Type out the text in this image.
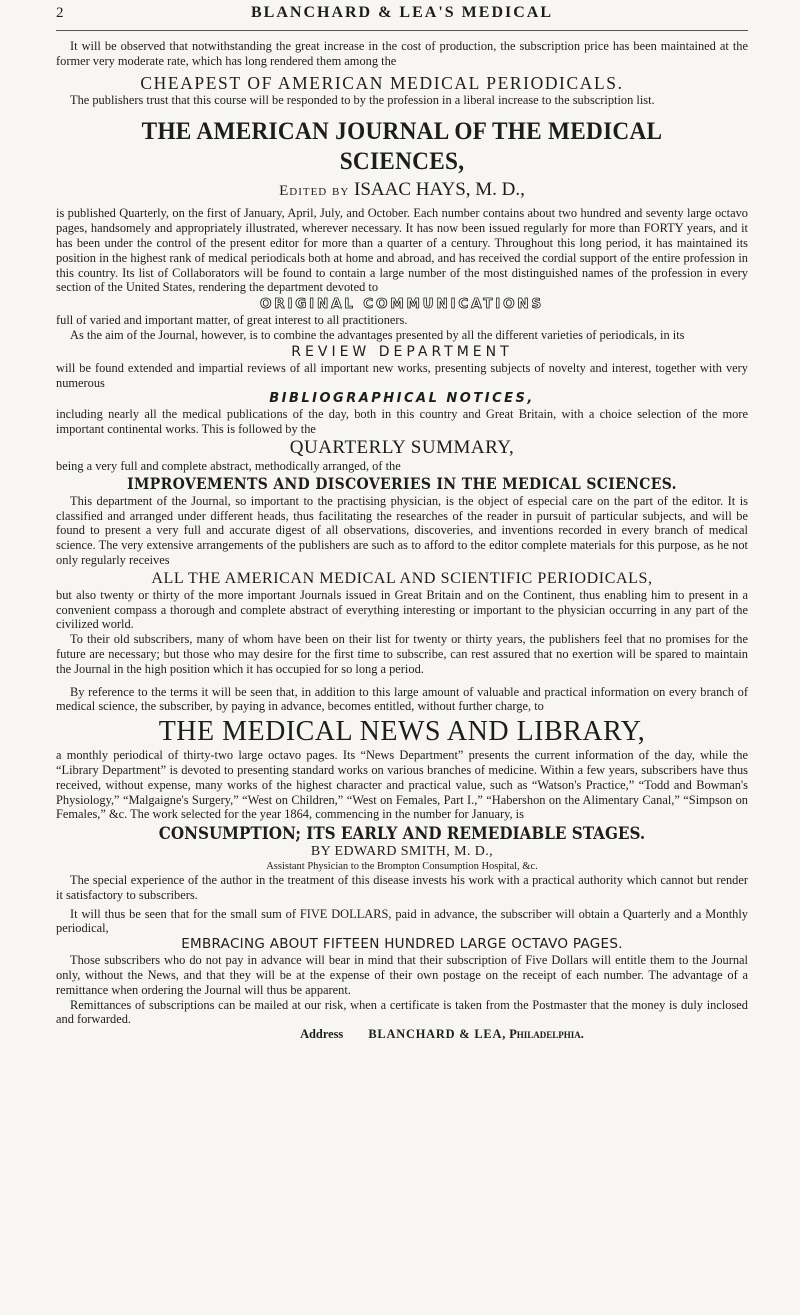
2	BLANCHARD & LEA'S MEDICAL

It will be observed that notwithstanding the great increase in the cost of production, the subscription price has been maintained at the former very moderate rate, which has long rendered them among the

CHEAPEST OF AMERICAN MEDICAL PERIODICALS.

The publishers trust that this course will be responded to by the profession in a liberal increase to the subscription list.

THE AMERICAN JOURNAL OF THE MEDICAL SCIENCES,
Edited by ISAAC HAYS, M. D.,

is published Quarterly, on the first of January, April, July, and October. Each number contains about two hundred and seventy large octavo pages, handsomely and appropriately illustrated, wherever necessary. It has now been issued regularly for more than FORTY years, and it has been under the control of the present editor for more than a quarter of a century. Throughout this long period, it has maintained its position in the highest rank of medical periodicals both at home and abroad, and has received the cordial support of the entire profession in this country. Its list of Collaborators will be found to contain a large number of the most distinguished names of the profession in every section of the United States, rendering the department devoted to

ORIGINAL COMMUNICATIONS

full of varied and important matter, of great interest to all practitioners.

As the aim of the Journal, however, is to combine the advantages presented by all the different varieties of periodicals, in its

REVIEW DEPARTMENT

will be found extended and impartial reviews of all important new works, presenting subjects of novelty and interest, together with very numerous

BIBLIOGRAPHICAL NOTICES,

including nearly all the medical publications of the day, both in this country and Great Britain, with a choice selection of the more important continental works. This is followed by the

QUARTERLY SUMMARY,

being a very full and complete abstract, methodically arranged, of the

IMPROVEMENTS AND DISCOVERIES IN THE MEDICAL SCIENCES.

This department of the Journal, so important to the practising physician, is the object of especial care on the part of the editor. It is classified and arranged under different heads, thus facilitating the researches of the reader in pursuit of particular subjects, and will be found to present a very full and accurate digest of all observations, discoveries, and inventions recorded in every branch of medical science. The very extensive arrangements of the publishers are such as to afford to the editor complete materials for this purpose, as he not only regularly receives

ALL THE AMERICAN MEDICAL AND SCIENTIFIC PERIODICALS,

but also twenty or thirty of the more important Journals issued in Great Britain and on the Continent, thus enabling him to present in a convenient compass a thorough and complete abstract of everything interesting or important to the physician occurring in any part of the civilized world.

To their old subscribers, many of whom have been on their list for twenty or thirty years, the publishers feel that no promises for the future are necessary; but those who may desire for the first time to subscribe, can rest assured that no exertion will be spared to maintain the Journal in the high position which it has occupied for so long a period.

By reference to the terms it will be seen that, in addition to this large amount of valuable and practical information on every branch of medical science, the subscriber, by paying in advance, becomes entitled, without further charge, to

THE MEDICAL NEWS AND LIBRARY,

a monthly periodical of thirty-two large octavo pages. Its “News Department” presents the current information of the day, while the “Library Department” is devoted to presenting standard works on various branches of medicine. Within a few years, subscribers have thus received, without expense, many works of the highest character and practical value, such as “Watson's Practice,” “Todd and Bowman's Physiology,” “Malgaigne's Surgery,” “West on Children,” “West on Females, Part I.,” “Habershon on the Alimentary Canal,” “Simpson on Females,” &c. The work selected for the year 1864, commencing in the number for January, is

CONSUMPTION; ITS EARLY AND REMEDIABLE STAGES.
BY EDWARD SMITH, M. D.,
Assistant Physician to the Brompton Consumption Hospital, &c.

The special experience of the author in the treatment of this disease invests his work with a practical authority which cannot but render it satisfactory to subscribers.

It will thus be seen that for the small sum of FIVE DOLLARS, paid in advance, the subscriber will obtain a Quarterly and a Monthly periodical,

EMBRACING ABOUT FIFTEEN HUNDRED LARGE OCTAVO PAGES.

Those subscribers who do not pay in advance will bear in mind that their subscription of Five Dollars will entitle them to the Journal only, without the News, and that they will be at the expense of their own postage on the receipt of each number. The advantage of a remittance when ordering the Journal will thus be apparent.

Remittances of subscriptions can be mailed at our risk, when a certificate is taken from the Postmaster that the money is duly inclosed and forwarded.

Address BLANCHARD & LEA, Philadelphia.
